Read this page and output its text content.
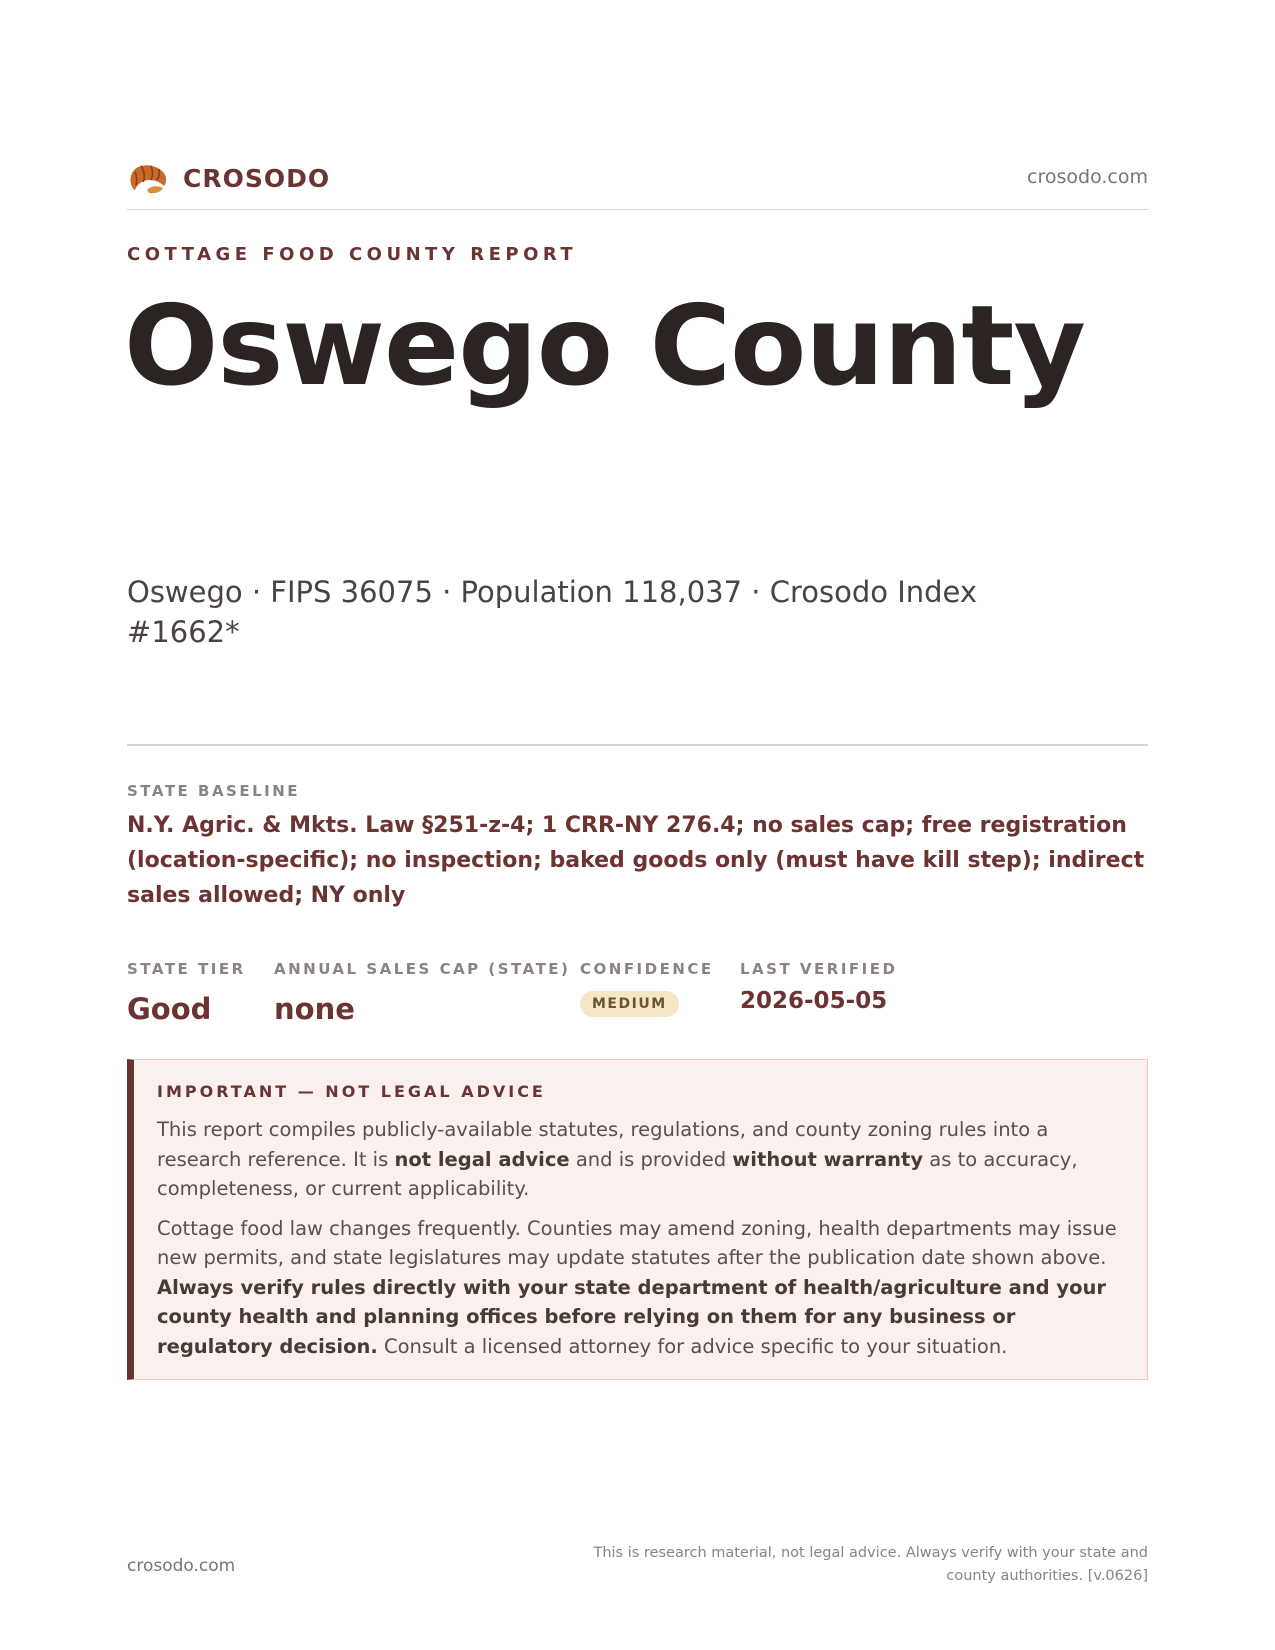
CROSODO	crosodo.com
COTTAGE FOOD COUNTY REPORT
Oswego County
Oswego · FIPS 36075 · Population 118,037 · Crosodo Index #1662*
STATE BASELINE
N.Y. Agric. & Mkts. Law §251-z-4; 1 CRR-NY 276.4; no sales cap; free registration (location-specific); no inspection; baked goods only (must have kill step); indirect sales allowed; NY only
STATE TIER
Good
ANNUAL SALES CAP (STATE)
none
CONFIDENCE
MEDIUM
LAST VERIFIED
2026-05-05
IMPORTANT — NOT LEGAL ADVICE

This report compiles publicly-available statutes, regulations, and county zoning rules into a research reference. It is not legal advice and is provided without warranty as to accuracy, completeness, or current applicability.

Cottage food law changes frequently. Counties may amend zoning, health departments may issue new permits, and state legislatures may update statutes after the publication date shown above. Always verify rules directly with your state department of health/agriculture and your county health and planning offices before relying on them for any business or regulatory decision. Consult a licensed attorney for advice specific to your situation.

crosodo.com
This is research material, not legal advice. Always verify with your state and county authorities. [v.0626]
